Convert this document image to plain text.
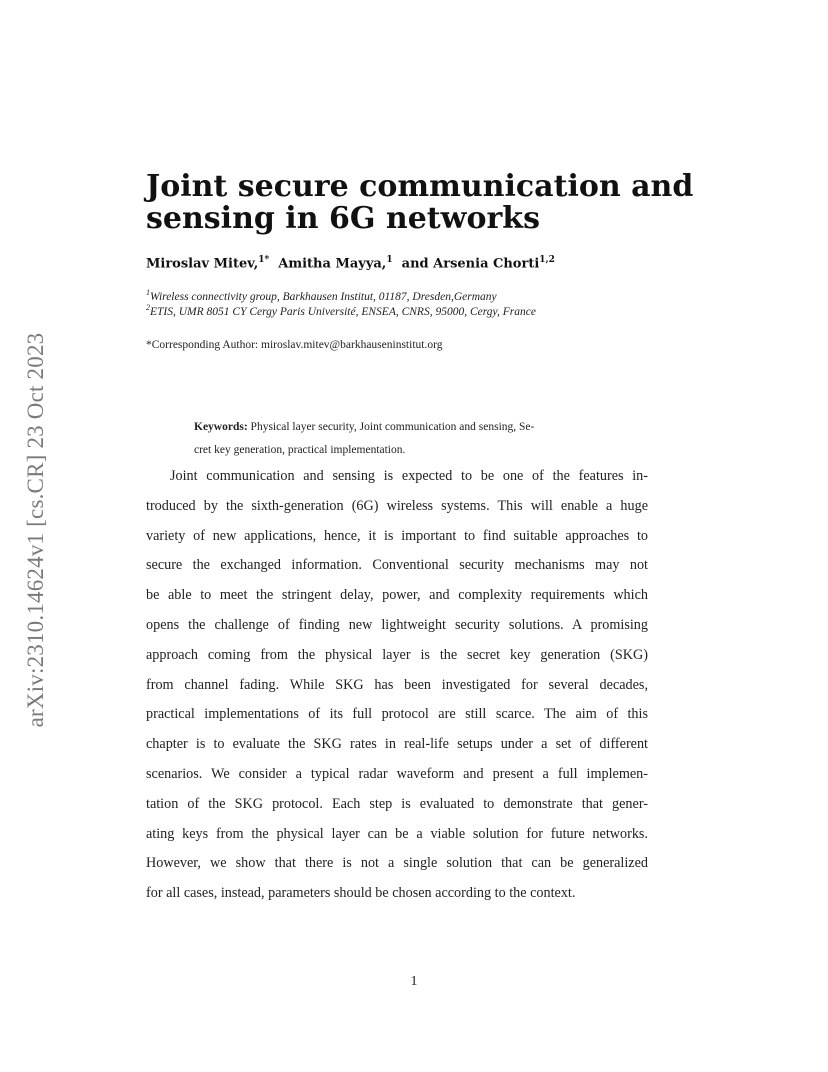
arXiv:2310.14624v1 [cs.CR] 23 Oct 2023
Joint secure communication and
sensing in 6G networks
Miroslav Mitev,$^{1*}$ Amitha Mayya,$^1$ and Arsenia Chorti$^{1,2}$
$^1$Wireless connectivity group, Barkhausen Institut, 01187, Dresden,Germany
$^2$ETIS, UMR 8051 CY Cergy Paris Université, ENSEA, CNRS, 95000, Cergy, France
*Corresponding Author: miroslav.mitev@barkhauseninstitut.org
Keywords: Physical layer security, Joint communication and sensing, Se-
cret key generation, practical implementation.
Joint communication and sensing is expected to be one of the features in-
troduced by the sixth-generation (6G) wireless systems. This will enable a huge
variety of new applications, hence, it is important to find suitable approaches to
secure the exchanged information. Conventional security mechanisms may not
be able to meet the stringent delay, power, and complexity requirements which
opens the challenge of finding new lightweight security solutions. A promising
approach coming from the physical layer is the secret key generation (SKG)
from channel fading. While SKG has been investigated for several decades,
practical implementations of its full protocol are still scarce. The aim of this
chapter is to evaluate the SKG rates in real-life setups under a set of different
scenarios. We consider a typical radar waveform and present a full implemen-
tation of the SKG protocol. Each step is evaluated to demonstrate that gener-
ating keys from the physical layer can be a viable solution for future networks.
However, we show that there is not a single solution that can be generalized
for all cases, instead, parameters should be chosen according to the context.
1
